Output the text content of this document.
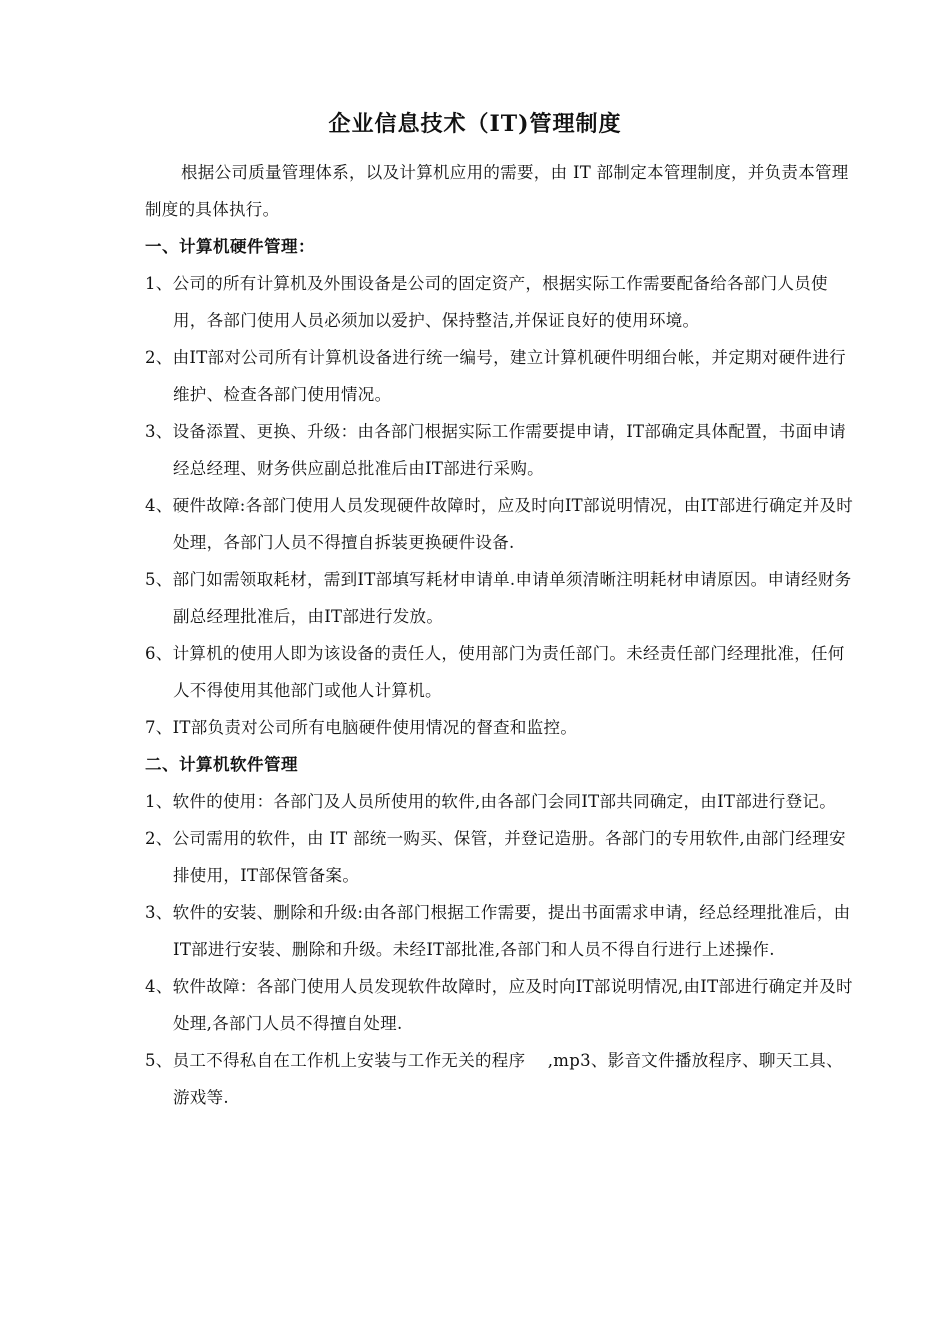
企业信息技术（IT)管理制度

根据公司质量管理体系，以及计算机应用的需要，由 IT 部制定本管理制度，并负责本管理制度的具体执行。

一、计算机硬件管理：

1、公司的所有计算机及外围设备是公司的固定资产，根据实际工作需要配备给各部门人员使用，各部门使用人员必须加以爱护、保持整洁,并保证良好的使用环境。

2、由IT部对公司所有计算机设备进行统一编号，建立计算机硬件明细台帐，并定期对硬件进行维护、检查各部门使用情况。

3、设备添置、更换、升级：由各部门根据实际工作需要提申请，IT部确定具体配置，书面申请经总经理、财务供应副总批准后由IT部进行采购。

4、硬件故障:各部门使用人员发现硬件故障时，应及时向IT部说明情况，由IT部进行确定并及时处理，各部门人员不得擅自拆装更换硬件设备.

5、部门如需领取耗材，需到IT部填写耗材申请单.申请单须清晰注明耗材申请原因。申请经财务副总经理批准后，由IT部进行发放。

6、计算机的使用人即为该设备的责任人，使用部门为责任部门。未经责任部门经理批准，任何人不得使用其他部门或他人计算机。

7、IT部负责对公司所有电脑硬件使用情况的督查和监控。

二、计算机软件管理

1、软件的使用：各部门及人员所使用的软件,由各部门会同IT部共同确定，由IT部进行登记。

2、公司需用的软件，由 IT 部统一购买、保管，并登记造册。各部门的专用软件,由部门经理安排使用，IT部保管备案。

3、软件的安装、删除和升级:由各部门根据工作需要，提出书面需求申请，经总经理批准后，由IT部进行安装、删除和升级。未经IT部批准,各部门和人员不得自行进行上述操作.

4、软件故障：各部门使用人员发现软件故障时，应及时向IT部说明情况,由IT部进行确定并及时处理,各部门人员不得擅自处理.

5、员工不得私自在工作机上安装与工作无关的程序　 ,mp3、影音文件播放程序、聊天工具、游戏等.
